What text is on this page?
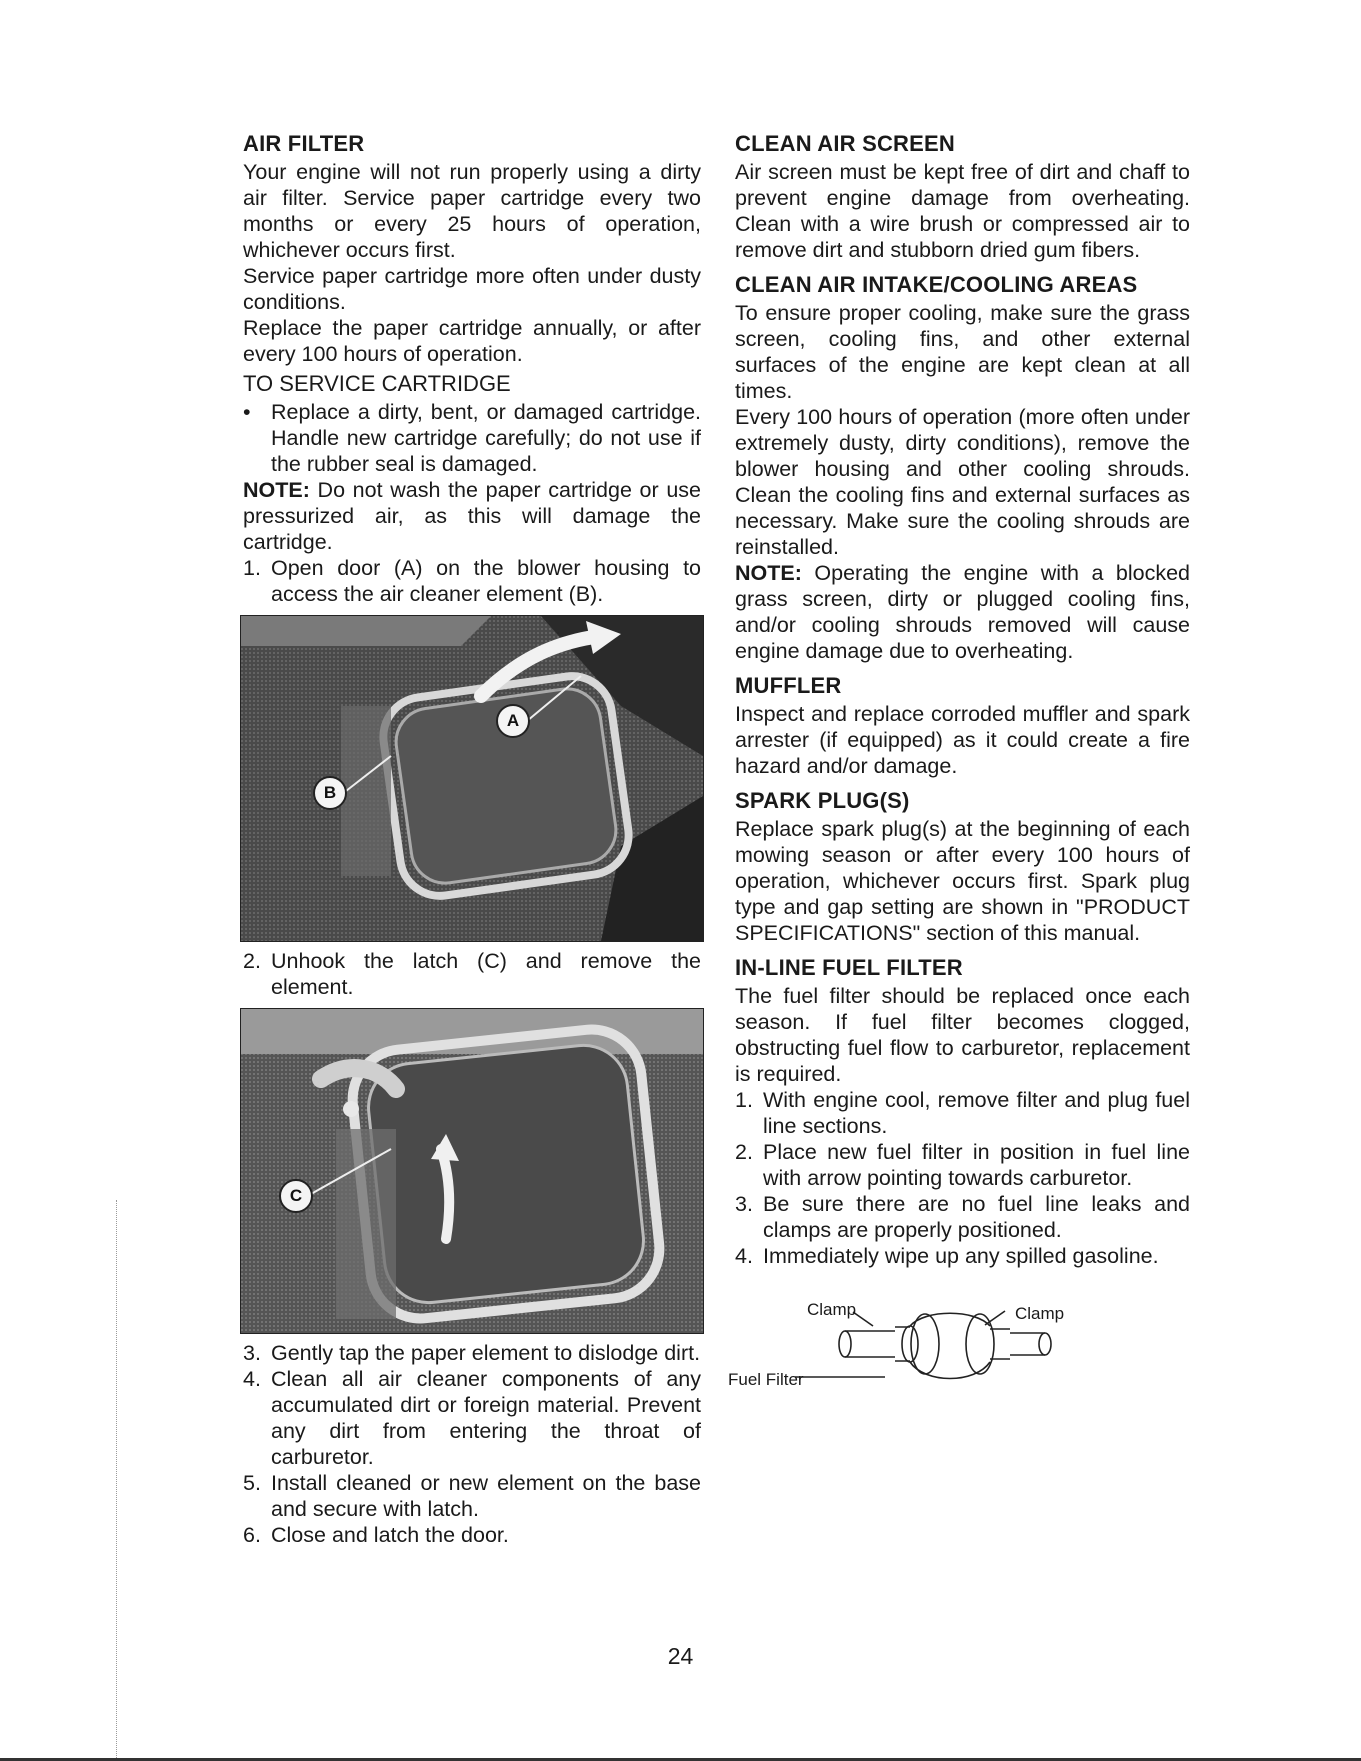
AIR FILTER

Your engine will not run properly using a dirty air filter. Service paper cartridge every two months or every 25 hours of operation, whichever occurs first.

Service paper cartridge more often under dusty conditions.

Replace the paper cartridge annually, or after every 100 hours of operation.

TO SERVICE CARTRIDGE
• Replace a dirty, bent, or damaged cartridge. Handle new cartridge carefully; do not use if the rubber seal is damaged.

NOTE: Do not wash the paper cartridge or use pressurized air, as this will damage the cartridge.

1. Open door (A) on the blower housing to access the air cleaner element (B).
A
B
2. Unhook the latch (C) and remove the element.
C
3. Gently tap the paper element to dislodge dirt.
4. Clean all air cleaner components of any accumulated dirt or foreign material. Prevent any dirt from entering the throat of carburetor.
5. Install cleaned or new element on the base and secure with latch.
6. Close and latch the door.
CLEAN AIR SCREEN

Air screen must be kept free of dirt and chaff to prevent engine damage from overheating. Clean with a wire brush or compressed air to remove dirt and stubborn dried gum fibers.

CLEAN AIR INTAKE/COOLING AREAS

To ensure proper cooling, make sure the grass screen, cooling fins, and other external surfaces of the engine are kept clean at all times.

Every 100 hours of operation (more often under extremely dusty, dirty conditions), remove the blower housing and other cooling shrouds. Clean the cooling fins and external surfaces as necessary. Make sure the cooling shrouds are reinstalled.

NOTE: Operating the engine with a blocked grass screen, dirty or plugged cooling fins, and/or cooling shrouds removed will cause engine damage due to overheating.

MUFFLER

Inspect and replace corroded muffler and spark arrester (if equipped) as it could create a fire hazard and/or damage.

SPARK PLUG(S)

Replace spark plug(s) at the beginning of each mowing season or after every 100 hours of operation, whichever occurs first. Spark plug type and gap setting are shown in "PRODUCT SPECIFICATIONS" section of this manual.

IN-LINE FUEL FILTER

The fuel filter should be replaced once each season. If fuel filter becomes clogged, obstructing fuel flow to carburetor, replacement is required.

1. With engine cool, remove filter and plug fuel line sections.
2. Place new fuel filter in position in fuel line with arrow pointing towards carburetor.
3. Be sure there are no fuel line leaks and clamps are properly positioned.
4. Immediately wipe up any spilled gasoline.
Clamp	Clamp
Fuel Filter
24
